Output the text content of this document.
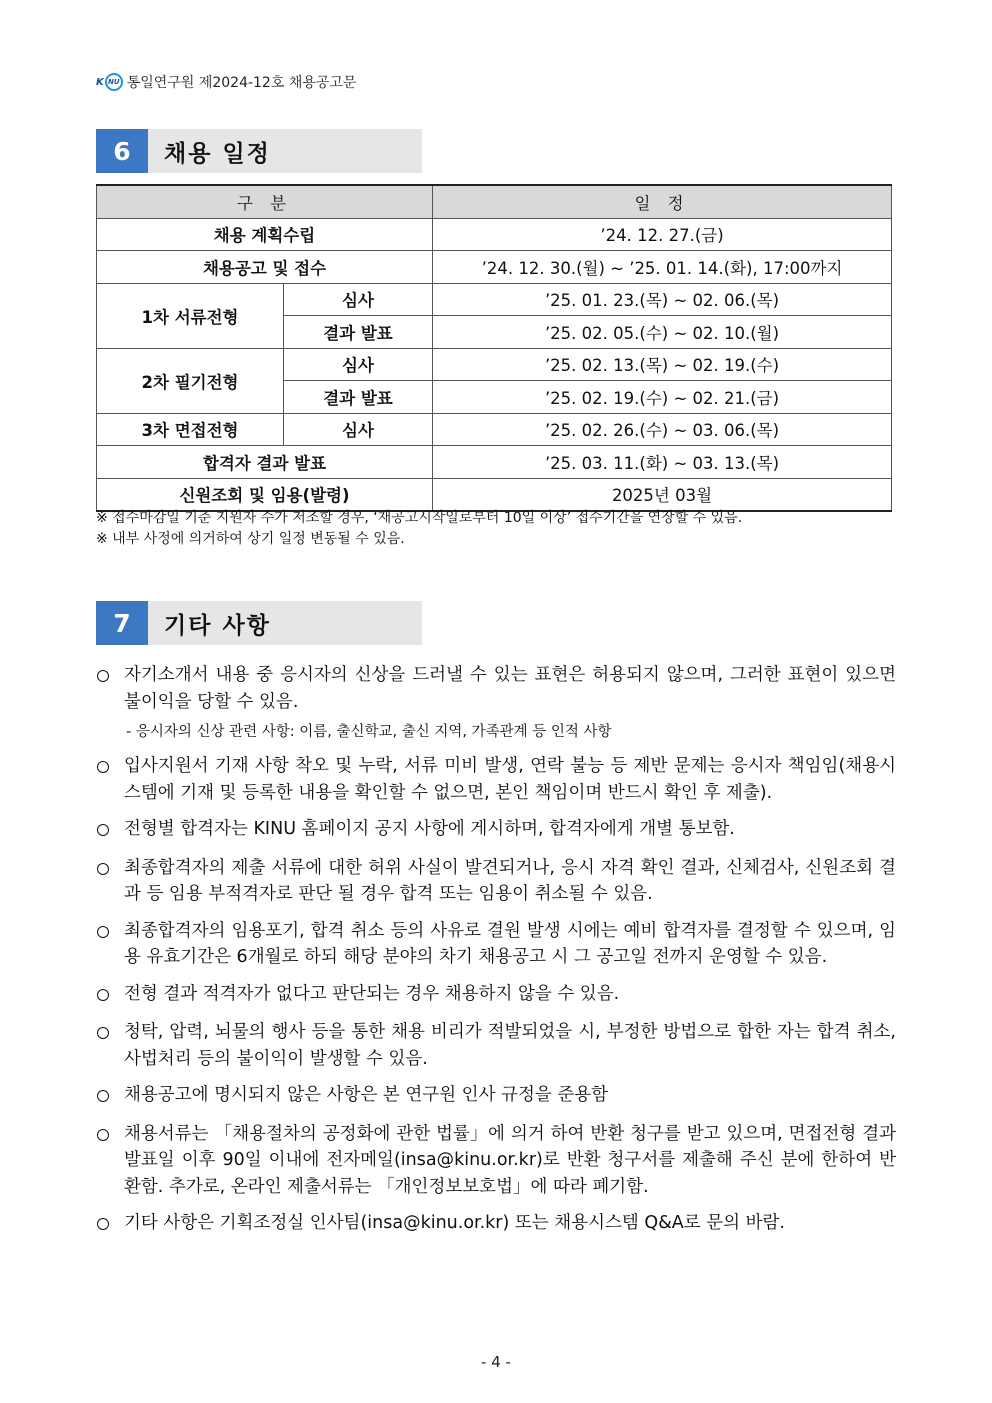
K NU 통일연구원 제2024-12호 채용공고문
6	채용 일정
구 분		일 정
채용 계획수립		’24. 12. 27.(금)
채용공고 및 접수		’24. 12. 30.(월) ~ ’25. 01. 14.(화), 17:00까지
1차 서류전형	심사	’25. 01. 23.(목) ~ 02. 06.(목)
	결과 발표	’25. 02. 05.(수) ~ 02. 10.(월)
2차 필기전형	심사	’25. 02. 13.(목) ~ 02. 19.(수)
	결과 발표	’25. 02. 19.(수) ~ 02. 21.(금)
3차 면접전형	심사	’25. 02. 26.(수) ~ 03. 06.(목)
합격자 결과 발표		’25. 03. 11.(화) ~ 03. 13.(목)
신원조회 및 임용(발령)		2025년 03월
※ 접수마감일 기준 지원자 수가 저조할 경우, ‘재공고시작일로부터 10일 이상’ 접수기간을 연장할 수 있음.
※ 내부 사정에 의거하여 상기 일정 변동될 수 있음.
7	기타 사항
자기소개서 내용 중 응시자의 신상을 드러낼 수 있는 표현은 허용되지 않으며, 그러한 표현이 있으면 불이익을 당할 수 있음.
- 응시자의 신상 관련 사항: 이름, 출신학교, 출신 지역, 가족관계 등 인적 사항
입사지원서 기재 사항 착오 및 누락, 서류 미비 발생, 연락 불능 등 제반 문제는 응시자 책임임(채용시스템에 기재 및 등록한 내용을 확인할 수 없으면, 본인 책임이며 반드시 확인 후 제출).
전형별 합격자는 KINU 홈페이지 공지 사항에 게시하며, 합격자에게 개별 통보함.
최종합격자의 제출 서류에 대한 허위 사실이 발견되거나, 응시 자격 확인 결과, 신체검사, 신원조회 결과 등 임용 부적격자로 판단 될 경우 합격 또는 임용이 취소될 수 있음.
최종합격자의 임용포기, 합격 취소 등의 사유로 결원 발생 시에는 예비 합격자를 결정할 수 있으며, 임용 유효기간은 6개월로 하되 해당 분야의 차기 채용공고 시 그 공고일 전까지 운영할 수 있음.
전형 결과 적격자가 없다고 판단되는 경우 채용하지 않을 수 있음.
청탁, 압력, 뇌물의 행사 등을 통한 채용 비리가 적발되었을 시, 부정한 방법으로 합한 자는 합격 취소, 사법처리 등의 불이익이 발생할 수 있음.
채용공고에 명시되지 않은 사항은 본 연구원 인사 규정을 준용함
채용서류는 「채용절차의 공정화에 관한 법률」에 의거 하여 반환 청구를 받고 있으며, 면접전형 결과발표일 이후 90일 이내에 전자메일(insa@kinu.or.kr)로 반환 청구서를 제출해 주신 분에 한하여 반환함. 추가로, 온라인 제출서류는 「개인정보보호법」에 따라 폐기함.
기타 사항은 기획조정실 인사팀(insa@kinu.or.kr) 또는 채용시스템 Q&A로 문의 바람.
- 4 -
